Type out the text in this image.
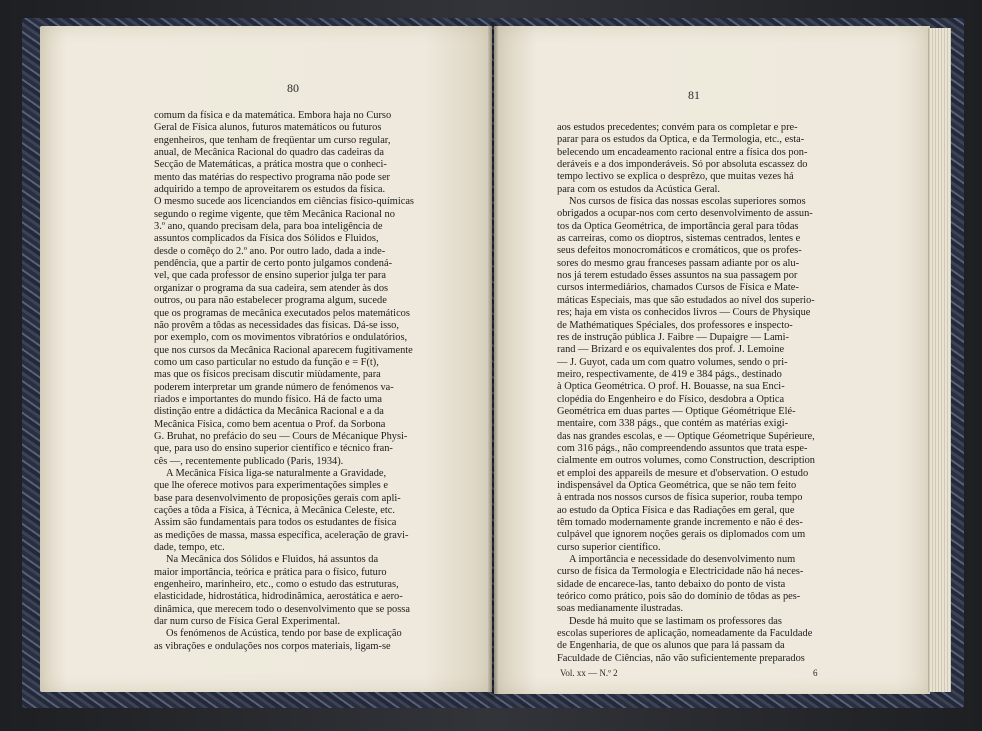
80	81
comum da física e da matemática. Embora haja no Curso
Geral de Física alunos, futuros matemáticos ou futuros
engenheiros, que tenham de freqüentar um curso regular,
anual, de Mecânica Racional do quadro das cadeiras da
Secção de Matemáticas, a prática mostra que o conheci-
mento das matérias do respectivo programa não pode ser
adquirido a tempo de aproveitarem os estudos da física.
O mesmo sucede aos licenciandos em ciências físico-químicas
segundo o regime vigente, que têm Mecânica Racional no
3.º ano, quando precisam dela, para boa inteligência de
assuntos complicados da Física dos Sólidos e Fluidos,
desde o comêço do 2.º ano. Por outro lado, dada a inde-
pendência, que a partir de certo ponto julgamos condená-
vel, que cada professor de ensino superior julga ter para
organizar o programa da sua cadeira, sem atender às dos
outros, ou para não estabelecer programa algum, sucede
que os programas de mecânica executados pelos matemáticos
não provêm a tôdas as necessidades das físicas. Dá-se isso,
por exemplo, com os movimentos vibratórios e ondulatórios,
que nos cursos da Mecânica Racional aparecem fugitivamente
como um caso particular no estudo da função e = F(t),
mas que os físicos precisam discutir miùdamente, para
poderem interpretar um grande número de fenómenos va-
riados e importantes do mundo físico. Há de facto uma
distinção entre a didáctica da Mecânica Racional e a da
Mecânica Física, como bem acentua o Prof. da Sorbona
G. Bruhat, no prefácio do seu — Cours de Mécanique Physi-
que, para uso do ensino superior científico e técnico fran-
cês —, recentemente publicado (Paris, 1934).
A Mecânica Física liga-se naturalmente a Gravidade,
que lhe oferece motivos para experimentações simples e
base para desenvolvimento de proposições gerais com apli-
cações a tôda a Física, à Técnica, à Mecânica Celeste, etc.
Assim são fundamentais para todos os estudantes de física
as medições de massa, massa específica, aceleração de gravi-
dade, tempo, etc.
Na Mecânica dos Sólidos e Fluidos, há assuntos da
maior importância, teórica e prática para o físico, futuro
engenheiro, marinheiro, etc., como o estudo das estruturas,
elasticidade, hidrostática, hidrodinâmica, aerostática e aero-
dinâmica, que merecem todo o desenvolvimento que se possa
dar num curso de Física Geral Experimental.
Os fenómenos de Acústica, tendo por base de explicação
as vibrações e ondulações nos corpos materiais, ligam-se
aos estudos precedentes; convém para os completar e pre-
parar para os estudos da Óptica, e da Termologia, etc., esta-
belecendo um encadeamento racional entre a física dos pon-
deráveis e a dos imponderáveis. Só por absoluta escassez do
tempo lectivo se explica o desprêzo, que muitas vezes há
para com os estudos da Acústica Geral.
Nos cursos de física das nossas escolas superiores somos
obrigados a ocupar-nos com certo desenvolvimento de assun-
tos da Óptica Geométrica, de importância geral para tôdas
as carreiras, como os dioptros, sistemas centrados, lentes e
seus defeitos monocromáticos e cromáticos, que os profes-
sores do mesmo grau franceses passam adiante por os alu-
nos já terem estudado êsses assuntos na sua passagem por
cursos intermediários, chamados Cursos de Física e Mate-
máticas Especiais, mas que são estudados ao nível dos superio-
res; haja em vista os conhecidos livros — Cours de Physique
de Mathématiques Spéciales, dos professores e inspecto-
res de instrução pública J. Faibre — Dupaigre — Lami-
rand — Brizard e os equivalentes dos prof. J. Lemoine
— J. Guyot, cada um com quatro volumes, sendo o pri-
meiro, respectivamente, de 419 e 384 págs., destinado
à Óptica Geométrica. O prof. H. Bouasse, na sua Enci-
clopédia do Engenheiro e do Físico, desdobra a Óptica
Geométrica em duas partes — Optique Géométrique Élé-
mentaire, com 338 págs., que contém as matérias exigi-
das nas grandes escolas, e — Optique Géometrique Supérieure,
com 316 págs., não compreendendo assuntos que trata espe-
cialmente em outros volumes, como Construction, description
et emploi des appareils de mesure et d'observation. O estudo
indispensável da Óptica Geométrica, que se não tem feito
à entrada nos nossos cursos de física superior, rouba tempo
ao estudo da Óptica Física e das Radiações em geral, que
têm tomado modernamente grande incremento e não é des-
culpável que ignorem noções gerais os diplomados com um
curso superior científico.
A importância e necessidade do desenvolvimento num
curso de física da Termologia e Electricidade não há neces-
sidade de encarece-las, tanto debaixo do ponto de vista
teórico como prático, pois são do domínio de tôdas as pes-
soas medianamente ilustradas.
Desde há muito que se lastimam os professores das
escolas superiores de aplicação, nomeadamente da Faculdade
de Engenharia, de que os alunos que para lá passam da
Faculdade de Ciências, não vão suficientemente preparados
Vol. xx — N.º 2	6
